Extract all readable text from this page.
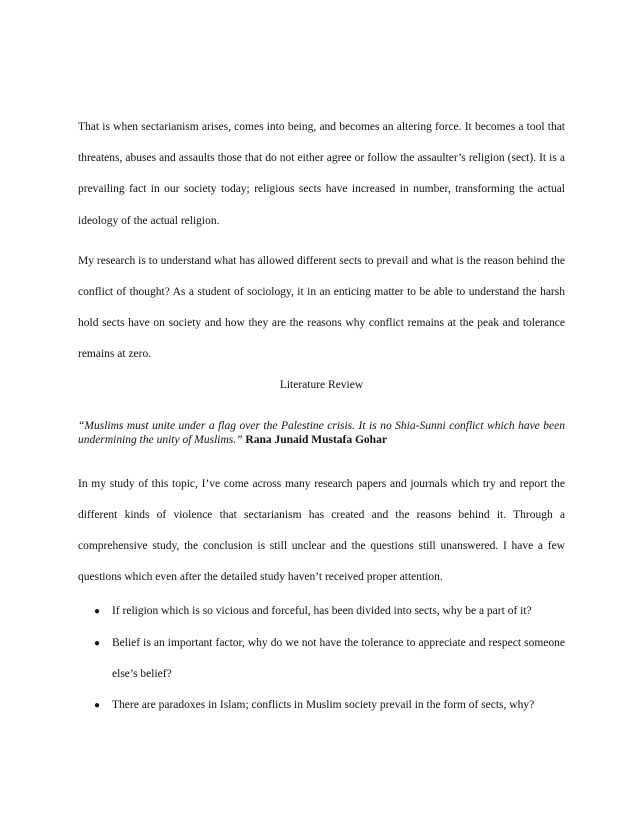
That is when sectarianism arises, comes into being, and becomes an altering force. It becomes a tool that threatens, abuses and assaults those that do not either agree or follow the assaulter’s religion (sect). It is a prevailing fact in our society today; religious sects have increased in number, transforming the actual ideology of the actual religion.

My research is to understand what has allowed different sects to prevail and what is the reason behind the conflict of thought? As a student of sociology, it in an enticing matter to be able to understand the harsh hold sects have on society and how they are the reasons why conflict remains at the peak and tolerance remains at zero.

Literature Review

“Muslims must unite under a flag over the Palestine crisis. It is no Shia-Sunni conflict which have been undermining the unity of Muslims.” Rana Junaid Mustafa Gohar

In my study of this topic, I’ve come across many research papers and journals which try and report the different kinds of violence that sectarianism has created and the reasons behind it. Through a comprehensive study, the conclusion is still unclear and the questions still unanswered. I have a few questions which even after the detailed study haven’t received proper attention.

● If religion which is so vicious and forceful, has been divided into sects, why be a part of it?
● Belief is an important factor, why do we not have the tolerance to appreciate and respect someone else’s belief?
● There are paradoxes in Islam; conflicts in Muslim society prevail in the form of sects, why?
